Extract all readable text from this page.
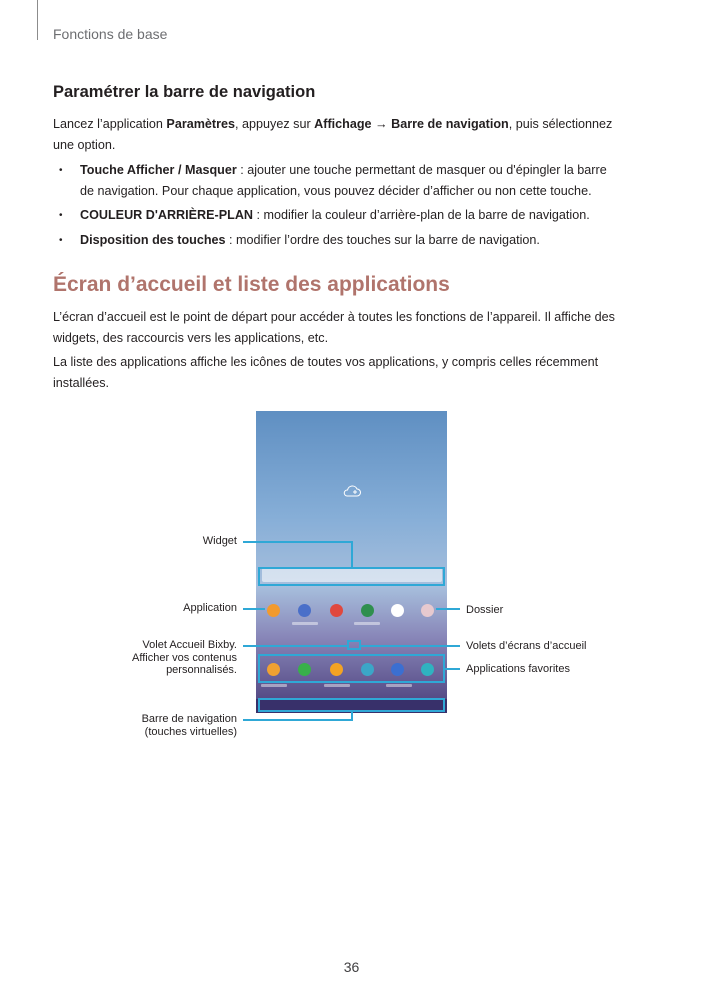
Fonctions de base
Paramétrer la barre de navigation
Lancez l’application Paramètres, appuyez sur Affichage → Barre de navigation, puis sélectionnez
une option.
• Touche Afficher / Masquer : ajouter une touche permettant de masquer ou d'épingler la barre
de navigation. Pour chaque application, vous pouvez décider d’afficher ou non cette touche.
• COULEUR D'ARRIÈRE-PLAN : modifier la couleur d’arrière-plan de la barre de navigation.
• Disposition des touches : modifier l’ordre des touches sur la barre de navigation.
Écran d’accueil et liste des applications
L’écran d’accueil est le point de départ pour accéder à toutes les fonctions de l’appareil. Il affiche des
widgets, des raccourcis vers les applications, etc.
La liste des applications affiche les icônes de toutes vos applications, y compris celles récemment
installées.
Widget
Application
Volet Accueil Bixby.
Afficher vos contenus
personnalisés.
Barre de navigation
(touches virtuelles)
Dossier
Volets d’écrans d’accueil
Applications favorites
36
